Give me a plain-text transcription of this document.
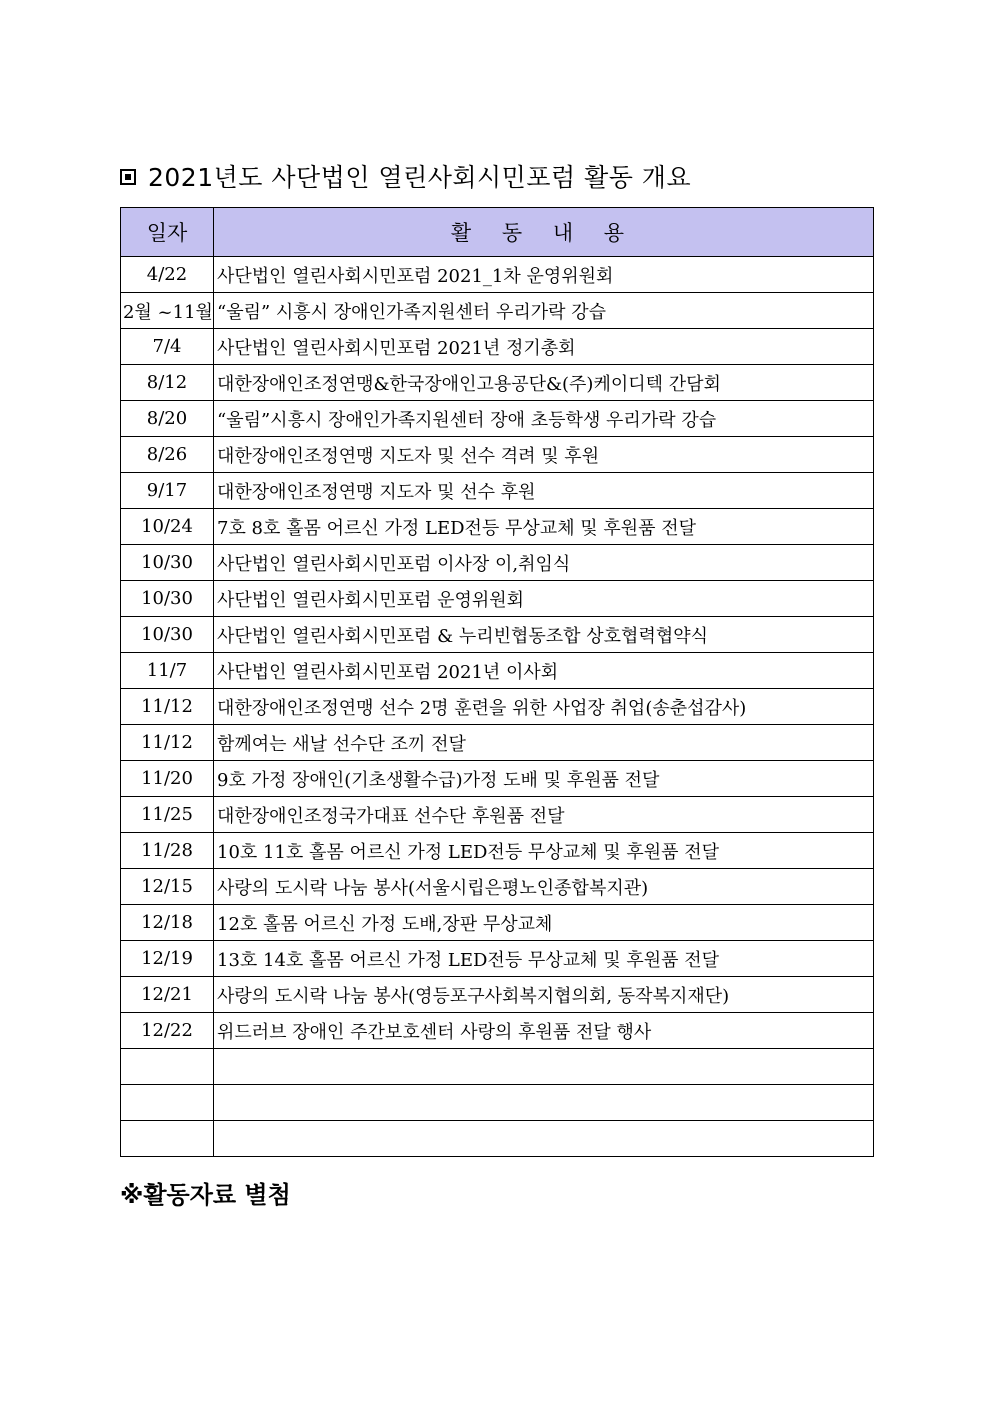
2021년도 사단법인 열린사회시민포럼 활동 개요
일자	활 동 내 용
4/22	사단법인 열린사회시민포럼 2021_1차 운영위원회
2월 ~11월	“울림” 시흥시 장애인가족지원센터 우리가락 강습
7/4	사단법인 열린사회시민포럼 2021년 정기총회
8/12	대한장애인조정연맹&한국장애인고용공단&(주)케이디텍 간담회
8/20	“울림”시흥시 장애인가족지원센터 장애 초등학생 우리가락 강습
8/26	대한장애인조정연맹 지도자 및 선수 격려 및 후원
9/17	대한장애인조정연맹 지도자 및 선수 후원
10/24	7호 8호 홀몸 어르신 가정 LED전등 무상교체 및 후원품 전달
10/30	사단법인 열린사회시민포럼 이사장 이,취임식
10/30	사단법인 열린사회시민포럼 운영위원회
10/30	사단법인 열린사회시민포럼 & 누리빈협동조합 상호협력협약식
11/7	사단법인 열린사회시민포럼 2021년 이사회
11/12	대한장애인조정연맹 선수 2명 훈련을 위한 사업장 취업(송춘섭감사)
11/12	함께여는 새날 선수단 조끼 전달
11/20	9호 가정 장애인(기초생활수급)가정 도배 및 후원품 전달
11/25	대한장애인조정국가대표 선수단 후원품 전달
11/28	10호 11호 홀몸 어르신 가정 LED전등 무상교체 및 후원품 전달
12/15	사랑의 도시락 나눔 봉사(서울시립은평노인종합복지관)
12/18	12호 홀몸 어르신 가정 도배,장판 무상교체
12/19	13호 14호 홀몸 어르신 가정 LED전등 무상교체 및 후원품 전달
12/21	사랑의 도시락 나눔 봉사(영등포구사회복지협의회, 동작복지재단)
12/22	위드러브 장애인 주간보호센터 사랑의 후원품 전달 행사

※활동자료 별첨
